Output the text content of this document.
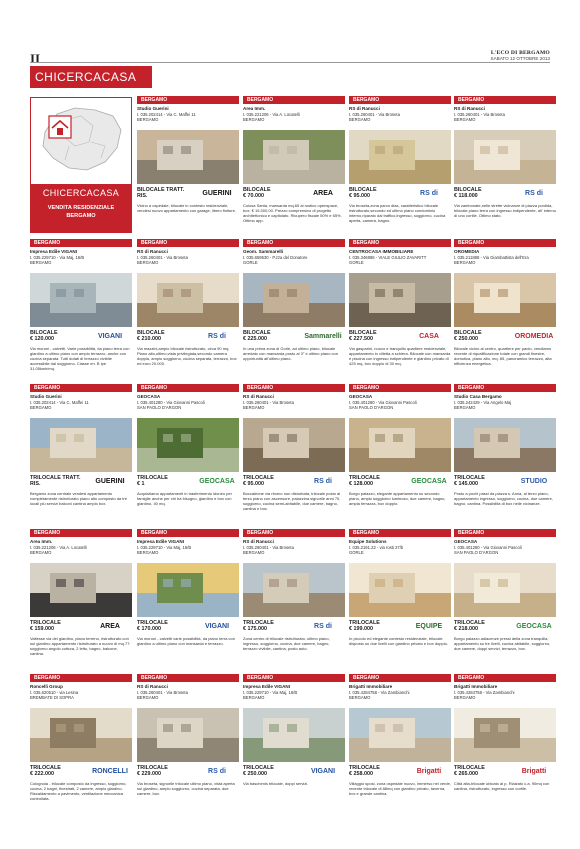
II	L'ECO DI BERGAMO
SABATO 12 OTTOBRE 2013
CHICERCACASA
CHICERCACASA
VENDITA RESIDENZIALE
BERGAMO
BERGAMO
Studio Guerini
t. 035.202414 - Via C. Maffei 11
BERGAMO
BILOCALE TRATT. RIS.	GUERINI
Vicino a ospedale; bilocale in contesto residenziale, vendesi nuovo appartamento con garage, libero finiture.
BERGAMO
Area Imm.
t. 035.221206 - Via A. Locatelli
BERGAMO
BILOCALE
€ 70.000	AREA
Colosa Santa, mansarda mq.65 al rustico openspace, box. € 15.000,00. Prezzo comprensivo di progetto architettonico e capitolato. Ricupero fiscale 50% e 65%. Ottimo app.
BERGAMO
RS di Ranucci
t. 035.260401 - Via Broseta
BERGAMO
BILOCALE
€ 95.000	RS di
Via broseta,zona parco dias, caratteristico bilocale ristrutturato,secondo ed ultimo piano condominio interno,riparato dal traffico,ingresso, soggiorno, cucina aperta, camera, bagno.
BERGAMO
RS di Ranucci
t. 035.260401 - Via Broseta
BERGAMO
BILOCALE
€ 118.000	RS di
Via zambonate,nelle strette vicinanze di piazza pontida, bilocale piano terra con ingresso indipendente, all' interno di uno cortile. Ottimo stato.
BERGAMO
Impresa Edile VIGANI
t. 035.229710 - Via Maj, 16/B
BERGAMO
BILOCALE
€ 120.000	VIGANI
Via moroni - calvetti. Varie possibilità, da piano terra con giardino a ultimo piano con ampio terrazzo, anche con cucina separata. Tutti dotati di terrazzo vivibile accessibile dal soggiorno. Classe en. B ipe 31.05kwh/mq.
BERGAMO
RS di Ranucci
t. 035.260401 - Via Broseta
BERGAMO
BILOCALE
€ 210.000	RS di
Via mazzini,ampio bilocale ristrutturato, circa 90 mq. Piano alto,ultimo,vista privilegiata,secondo camera doppia, ampio soggiorno, cucina separata, terrazzo, box ed euro 20.000.
BERGAMO
Geom. Sammarelli
t. 035.659530 - P.zza del Donatore
GORLE
BILOCALE
€ 225.000	Sammarelli
In una prima zona di Gorle, ad ultimo piano, bilocale arredato con mansarda posto al 3° e ultimo piano con opportunità all'ultimo piano.
BERGAMO
CENTROCASA IMMOBILIARE
t. 035.346886 - VIALE GIULIO ZAVARITT
GORLE
BILOCALE
€ 227.500	CASA
Via gasparini, nuovo e tranquillo quartiere residenziale, appartamento in villetta a schiera. Bilocale con mansarda e piscina con ingresso indipendente e giardino privato di 425 mq, box doppio di 30 mq.
BERGAMO
OROMEDIA
t. 035.211888 - Via Giambattista dell'Era
BERGAMO
BILOCALE
€ 250.000	OROMEDIA
Bilocale vicino al centro, quartiere per paolo, vendiamo recente di riqualificazione totale con grandi finestre, domotica, piano alto, mq. 85, panoramico terrazzo, alta efficienza energetica.
BERGAMO
Studio Guerini
t. 035.202414 - Via C. Maffei 11
BERGAMO
TRILOCALE TRATT. RIS.	GUERINI
Bergamo zona centrale vendesi appartamento completamente ristrutturato piano alto composto da tre locali più servizi balconi cantina ampio box.
BERGAMO
GEOCASA
t. 035.401280 - Via Giovanni Pascoli
SAN PAOLO D'ARGON
TRILOCALE
€ 1	GEOCASA
Acquistiamo appartamenti in trasferimento idoneo per famiglie anche per chi ha bisogno, giardino e box con giardino, 40 mq.
BERGAMO
RS di Ranucci
t. 035.260401 - Via Broseta
BERGAMO
TRILOCALE
€ 95.000	RS di
Boccaleone via ritorno non disturbata, trilocale posto al terzo piano con ascensore, palazzina signorile anni 70, soggiorno, cucina semi-abitabile, due camere, bagno, cantina e box.
BERGAMO
GEOCASA
t. 035.401280 - Via Giovanni Pascoli
SAN PAOLO D'ARGON
TRILOCALE
€ 128.000	GEOCASA
Borgo palazzo, elegante appartamento su secondo piano, ampio soggiorno luminoso, due camere, bagno, ampia terrazza, box doppio.
BERGAMO
Studio Casa Bergamo
t. 035.242429 - Via Angelo Maj
BERGAMO
TRILOCALE
€ 145.000	STUDIO
Posto a pochi passi da piazza s. Anna, al terzo piano, appartamento ingresso, soggiorno, cucina, due camere, bagno, cantina. Possibilità di box nelle vicinanze.
BERGAMO
Area Imm.
t. 035.221206 - Via A. Locatelli
BERGAMO
TRILOCALE
€ 159.000	AREA
Valtesse via del giardino, piano terreno, ristrutturato con sul giardino appartamento ristrutturato a nuovo di mq.77: soggiorno angolo cottura, 2 letto, bagno, balcone, cantina.
BERGAMO
Impresa Edile VIGANI
t. 035.229710 - Via Maj, 16/B
BERGAMO
TRILOCALE
€ 170.000	VIGANI
Via moroni - calvetti varie possibilità, da piano terra con giardino a ultimo piano con mansarda e terrazzo.
BERGAMO
RS di Ranucci
t. 035.260401 - Via Broseta
BERGAMO
TRILOCALE
€ 175.000	RS di
Zona centro di trilocale ristrutturato, ultimo piano, ingresso, soggiorno, cucina, due camere, bagno, terrazzo vivibile, cantina, posto auto.
BERGAMO
Equipe Solutions
t. 035.2191.22 - via rosti 27/b
GORLE
TRILOCALE
€ 199.000	EQUIPE
In piccolo ed elegante contesto residenziale, trilocale disposto su due livelli con giardino privato e box doppio.
BERGAMO
GEOCASA
t. 035.401280 - Via Giovanni Pascoli
SAN PAOLO D'ARGON
TRILOCALE
€ 218.000	GEOCASA
Borgo palazzo adiacenze pressi della zona tranquilla, appartamento su tre livelli, cucina abitabile, soggiorno, due camere, doppi servizi, terrazzo, box.
BERGAMO
Roncelli Group
t. 035.620510 - via Lesina
BREMBATE DI SOPRA
TRILOCALE
€ 222.000	RONCELLI
Colognola - trilocale composto da ingresso, soggiorno, cucina, 2 bagni, finestrati, 2 camere, ampio giardino. Riscaldamento a pavimento, ventilazione meccanica controllata.
BERGAMO
RS di Ranucci
t. 035.260401 - Via Broseta
BERGAMO
TRILOCALE
€ 229.000	RS di
Via broseta, signorile trilocale ultimo piano, vista aperta sul giardino, ampio soggiorno, cucina separata, due camere, box.
BERGAMO
Impresa Edile VIGANI
t. 035.229710 - Via Maj, 16/B
BERGAMO
TRILOCALE
€ 250.000	VIGANI
Via baschenis trilocale, doppi servizi.
BERGAMO
Brigatti Immobiliare
t. 035.4284758 - Via Zambianchi
BERGAMO
TRILOCALE
€ 258.000	Brigatti
Villaggio sposi, zona ospedale nuovo, immerso nel verde, recente trilocale di 88mq con giardino privato, taverna, box e grande cantina.
BERGAMO
Brigatti Immobiliare
t. 035.4284758 - Via Zambianchi
BERGAMO
TRILOCALE
€ 265.000	Brigatti
Città alta-trilocale ubicato al p. Rialzato c.a. 90mq con cantina, ristrutturato, ingresso con cortile.
